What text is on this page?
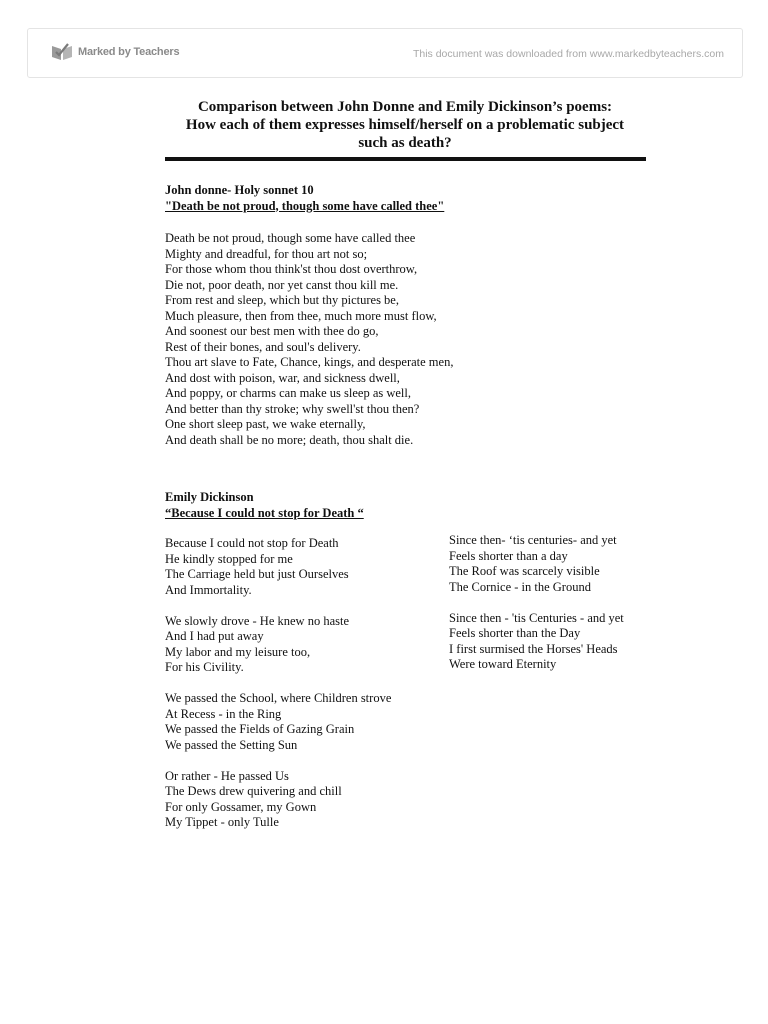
Marked by Teachers	This document was downloaded from www.markedbyteachers.com
Comparison between John Donne and Emily Dickinson’s poems:
How each of them expresses himself/herself on a problematic subject
such as death?
John donne- Holy sonnet 10
"Death be not proud, though some have called thee"
Death be not proud, though some have called thee
Mighty and dreadful, for thou art not so;
For those whom thou think'st thou dost overthrow,
Die not, poor death, nor yet canst thou kill me.
From rest and sleep, which but thy pictures be,
Much pleasure, then from thee, much more must flow,
And soonest our best men with thee do go,
Rest of their bones, and soul's delivery.
Thou art slave to Fate, Chance, kings, and desperate men,
And dost with poison, war, and sickness dwell,
And poppy, or charms can make us sleep as well,
And better than thy stroke; why swell'st thou then?
One short sleep past, we wake eternally,
And death shall be no more; death, thou shalt die.
Emily Dickinson
“Because I could not stop for Death “
Because I could not stop for Death
He kindly stopped for me
The Carriage held but just Ourselves
And Immortality.
We slowly drove - He knew no haste
And I had put away
My labor and my leisure too,
For his Civility.
We passed the School, where Children strove
At Recess - in the Ring
We passed the Fields of Gazing Grain
We passed the Setting Sun
Or rather - He passed Us
The Dews drew quivering and chill
For only Gossamer, my Gown
My Tippet - only Tulle
Since then- ‘tis centuries- and yet
Feels shorter than a day
The Roof was scarcely visible
The Cornice - in the Ground
Since then - 'tis Centuries - and yet
Feels shorter than the Day
I first surmised the Horses' Heads
Were toward Eternity
